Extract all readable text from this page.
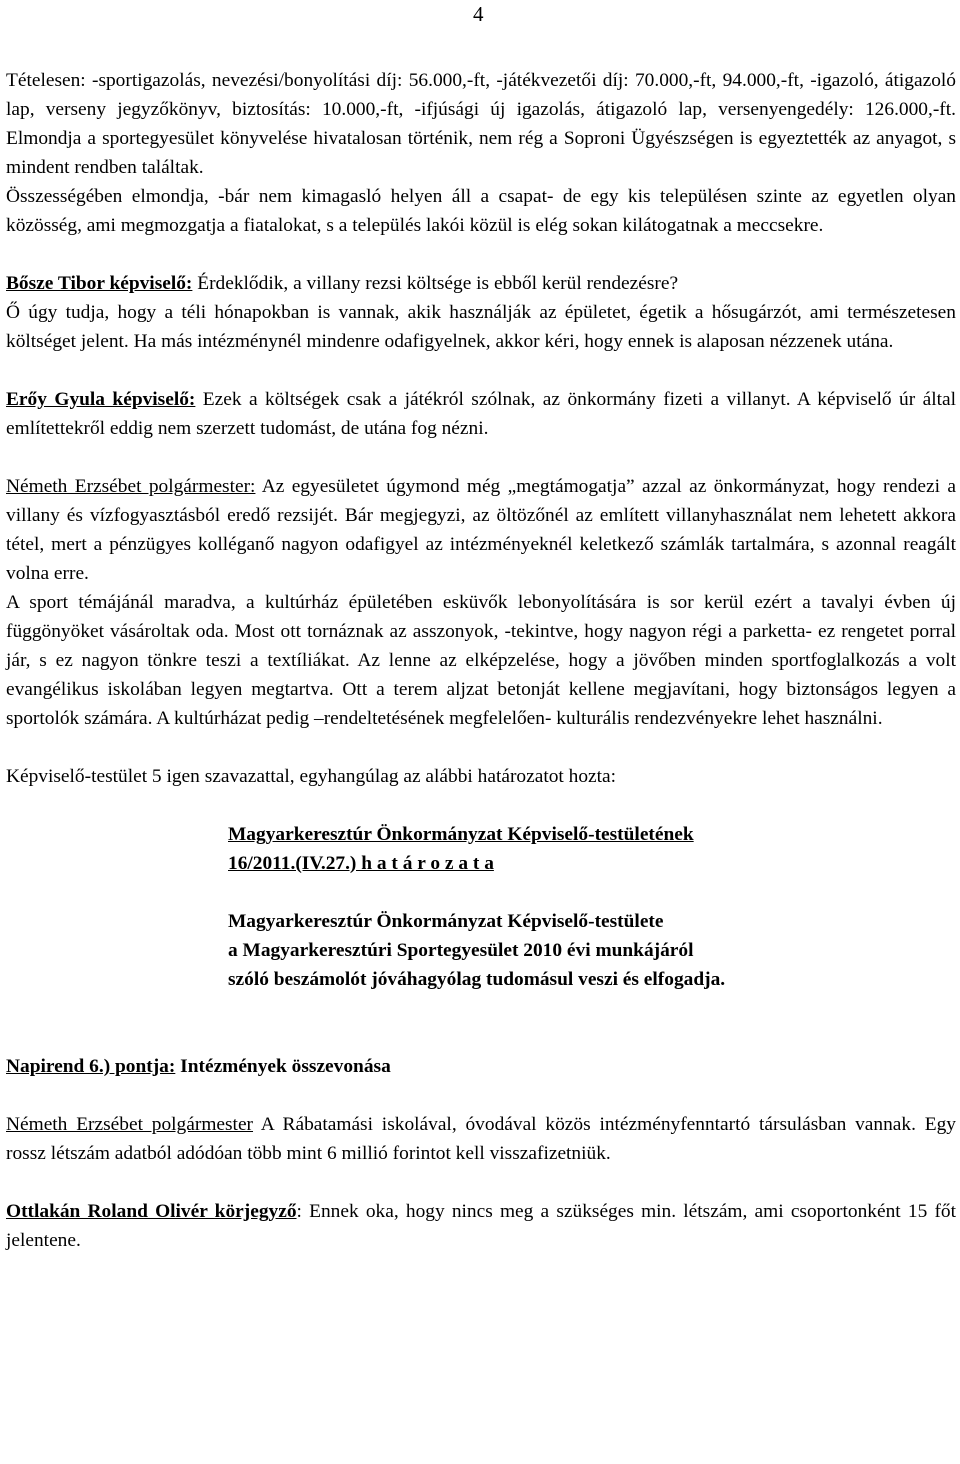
4

Tételesen: -sportigazolás, nevezési/bonyolítási díj: 56.000,-ft, -játékvezetői díj: 70.000,-ft, 94.000,-ft, -igazoló, átigazoló lap, verseny jegyzőkönyv, biztosítás: 10.000,-ft, -ifjúsági új igazolás, átigazoló lap, versenyengedély: 126.000,-ft. Elmondja a sportegyesület könyvelése hivatalosan történik, nem rég a Soproni Ügyészségen is egyeztették az anyagot, s mindent rendben találtak.

Összességében elmondja, -bár nem kimagasló helyen áll a csapat- de egy kis településen szinte az egyetlen olyan közösség, ami megmozgatja a fiatalokat, s a település lakói közül is elég sokan kilátogatnak a meccsekre.

Bősze Tibor képviselő: Érdeklődik, a villany rezsi költsége is ebből kerül rendezésre?

Ő úgy tudja, hogy a téli hónapokban is vannak, akik használják az épületet, égetik a hősugárzót, ami természetesen költséget jelent. Ha más intézménynél mindenre odafigyelnek, akkor kéri, hogy ennek is alaposan nézzenek utána.

Erőy Gyula képviselő: Ezek a költségek csak a játékról szólnak, az önkormány fizeti a villanyt. A képviselő úr által említettekről eddig nem szerzett tudomást, de utána fog nézni.

Németh Erzsébet polgármester: Az egyesületet úgymond még „megtámogatja” azzal az önkormányzat, hogy rendezi a villany és vízfogyasztásból eredő rezsijét. Bár megjegyzi, az öltözőnél az említett villanyhasználat nem lehetett akkora tétel, mert a pénzügyes kolléganő nagyon odafigyel az intézményeknél keletkező számlák tartalmára, s azonnal reagált volna erre.

A sport témájánál maradva, a kultúrház épületében esküvők lebonyolítására is sor kerül ezért a tavalyi évben új függönyöket vásároltak oda. Most ott tornáznak az asszonyok, -tekintve, hogy nagyon régi a parketta- ez rengetet porral jár, s ez nagyon tönkre teszi a textíliákat. Az lenne az elképzelése, hogy a jövőben minden sportfoglalkozás a volt evangélikus iskolában legyen megtartva. Ott a terem aljzat betonját kellene megjavítani, hogy biztonságos legyen a sportolók számára. A kultúrházat pedig –rendeltetésének megfelelően- kulturális rendezvényekre lehet használni.

Képviselő-testület 5 igen szavazattal, egyhangúlag az alábbi határozatot hozta:

Magyarkeresztúr Önkormányzat Képviselő-testületének

16/2011.(IV.27.) h a t á r o z a t a

Magyarkeresztúr Önkormányzat Képviselő-testülete

a Magyarkeresztúri Sportegyesület 2010 évi munkájáról

szóló beszámolót jóváhagyólag tudomásul veszi és elfogadja.

Napirend 6.) pontja: Intézmények összevonása

Németh Erzsébet polgármester A Rábatamási iskolával, óvodával közös intézményfenntartó társulásban vannak. Egy rossz létszám adatból adódóan több mint 6 millió forintot kell visszafizetniük.

Ottlakán Roland Olivér körjegyző: Ennek oka, hogy nincs meg a szükséges min. létszám, ami csoportonként 15 főt jelentene.
